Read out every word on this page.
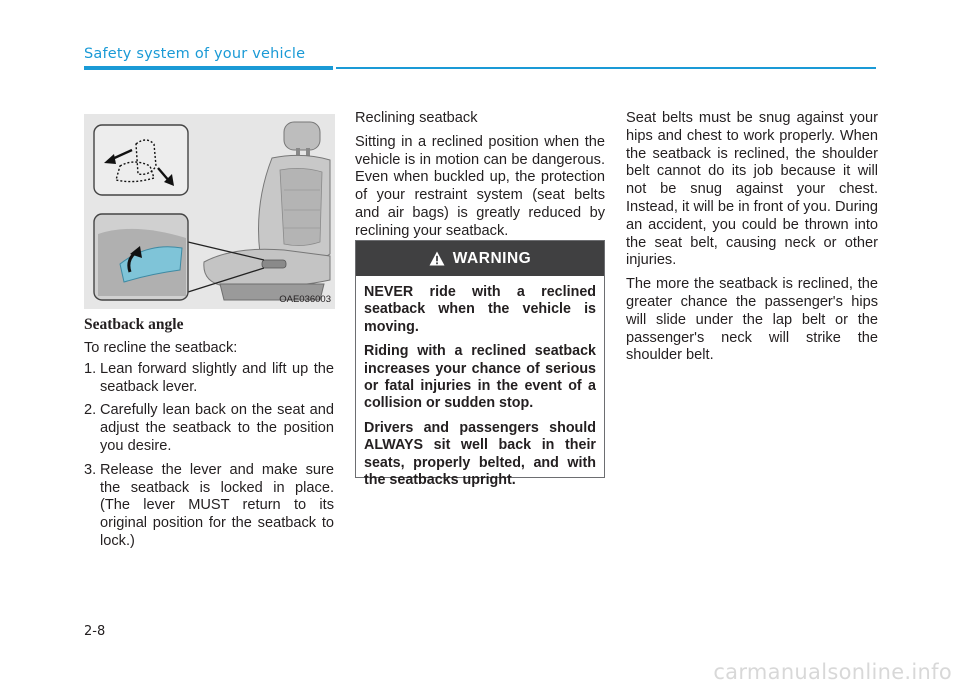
Safety system of your vehicle
OAE036003
Seatback angle

To recline the seatback:

1. Lean forward slightly and lift up the seatback lever.
2. Carefully lean back on the seat and adjust the seatback to the position you desire.
3. Release the lever and make sure the seatback is locked in place. (The lever MUST return to its original position for the seatback to lock.)

Reclining seatback

Sitting in a reclined position when the vehicle is in motion can be dangerous. Even when buckled up, the protection of your restraint system (seat belts and air bags) is greatly reduced by reclining your seatback.

WARNING

NEVER ride with a reclined seatback when the vehicle is moving.

Riding with a reclined seatback increases your chance of serious or fatal injuries in the event of a collision or sudden stop.

Drivers and passengers should ALWAYS sit well back in their seats, properly belted, and with the seatbacks upright.

Seat belts must be snug against your hips and chest to work properly. When the seatback is reclined, the shoulder belt cannot do its job because it will not be snug against your chest. Instead, it will be in front of you. During an accident, you could be thrown into the seat belt, causing neck or other injuries.

The more the seatback is reclined, the greater chance the passenger's hips will slide under the lap belt or the passenger's neck will strike the shoulder belt.

2-8
carmanualsonline.info
